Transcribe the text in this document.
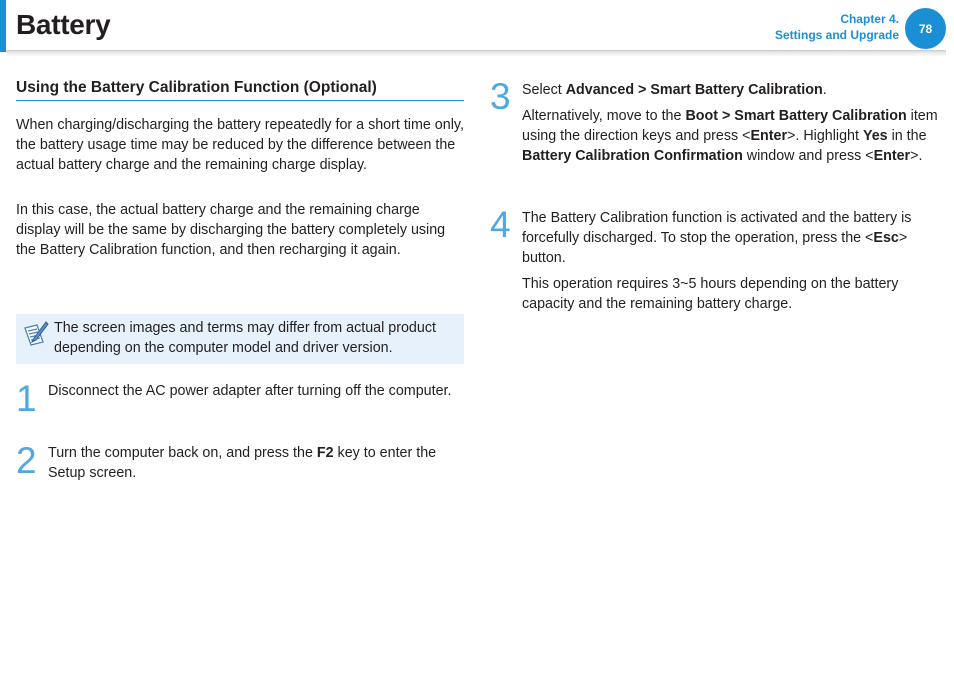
Battery	Chapter 4.
Settings and Upgrade	78
Using the Battery Calibration Function (Optional)

When charging/discharging the battery repeatedly for a short time only, the battery usage time may be reduced by the difference between the actual battery charge and the remaining charge display.

In this case, the actual battery charge and the remaining charge display will be the same by discharging the battery completely using the Battery Calibration function, and then recharging it again.

The screen images and terms may differ from actual product depending on the computer model and driver version.

1 Disconnect the AC power adapter after turning off the computer.

2 Turn the computer back on, and press the F2 key to enter the Setup screen.

3 Select Advanced > Smart Battery Calibration.

Alternatively, move to the Boot > Smart Battery Calibration item using the direction keys and press <Enter>. Highlight Yes in the Battery Calibration Confirmation window and press <Enter>.

4 The Battery Calibration function is activated and the battery is forcefully discharged. To stop the operation, press the <Esc> button.

This operation requires 3~5 hours depending on the battery capacity and the remaining battery charge.
